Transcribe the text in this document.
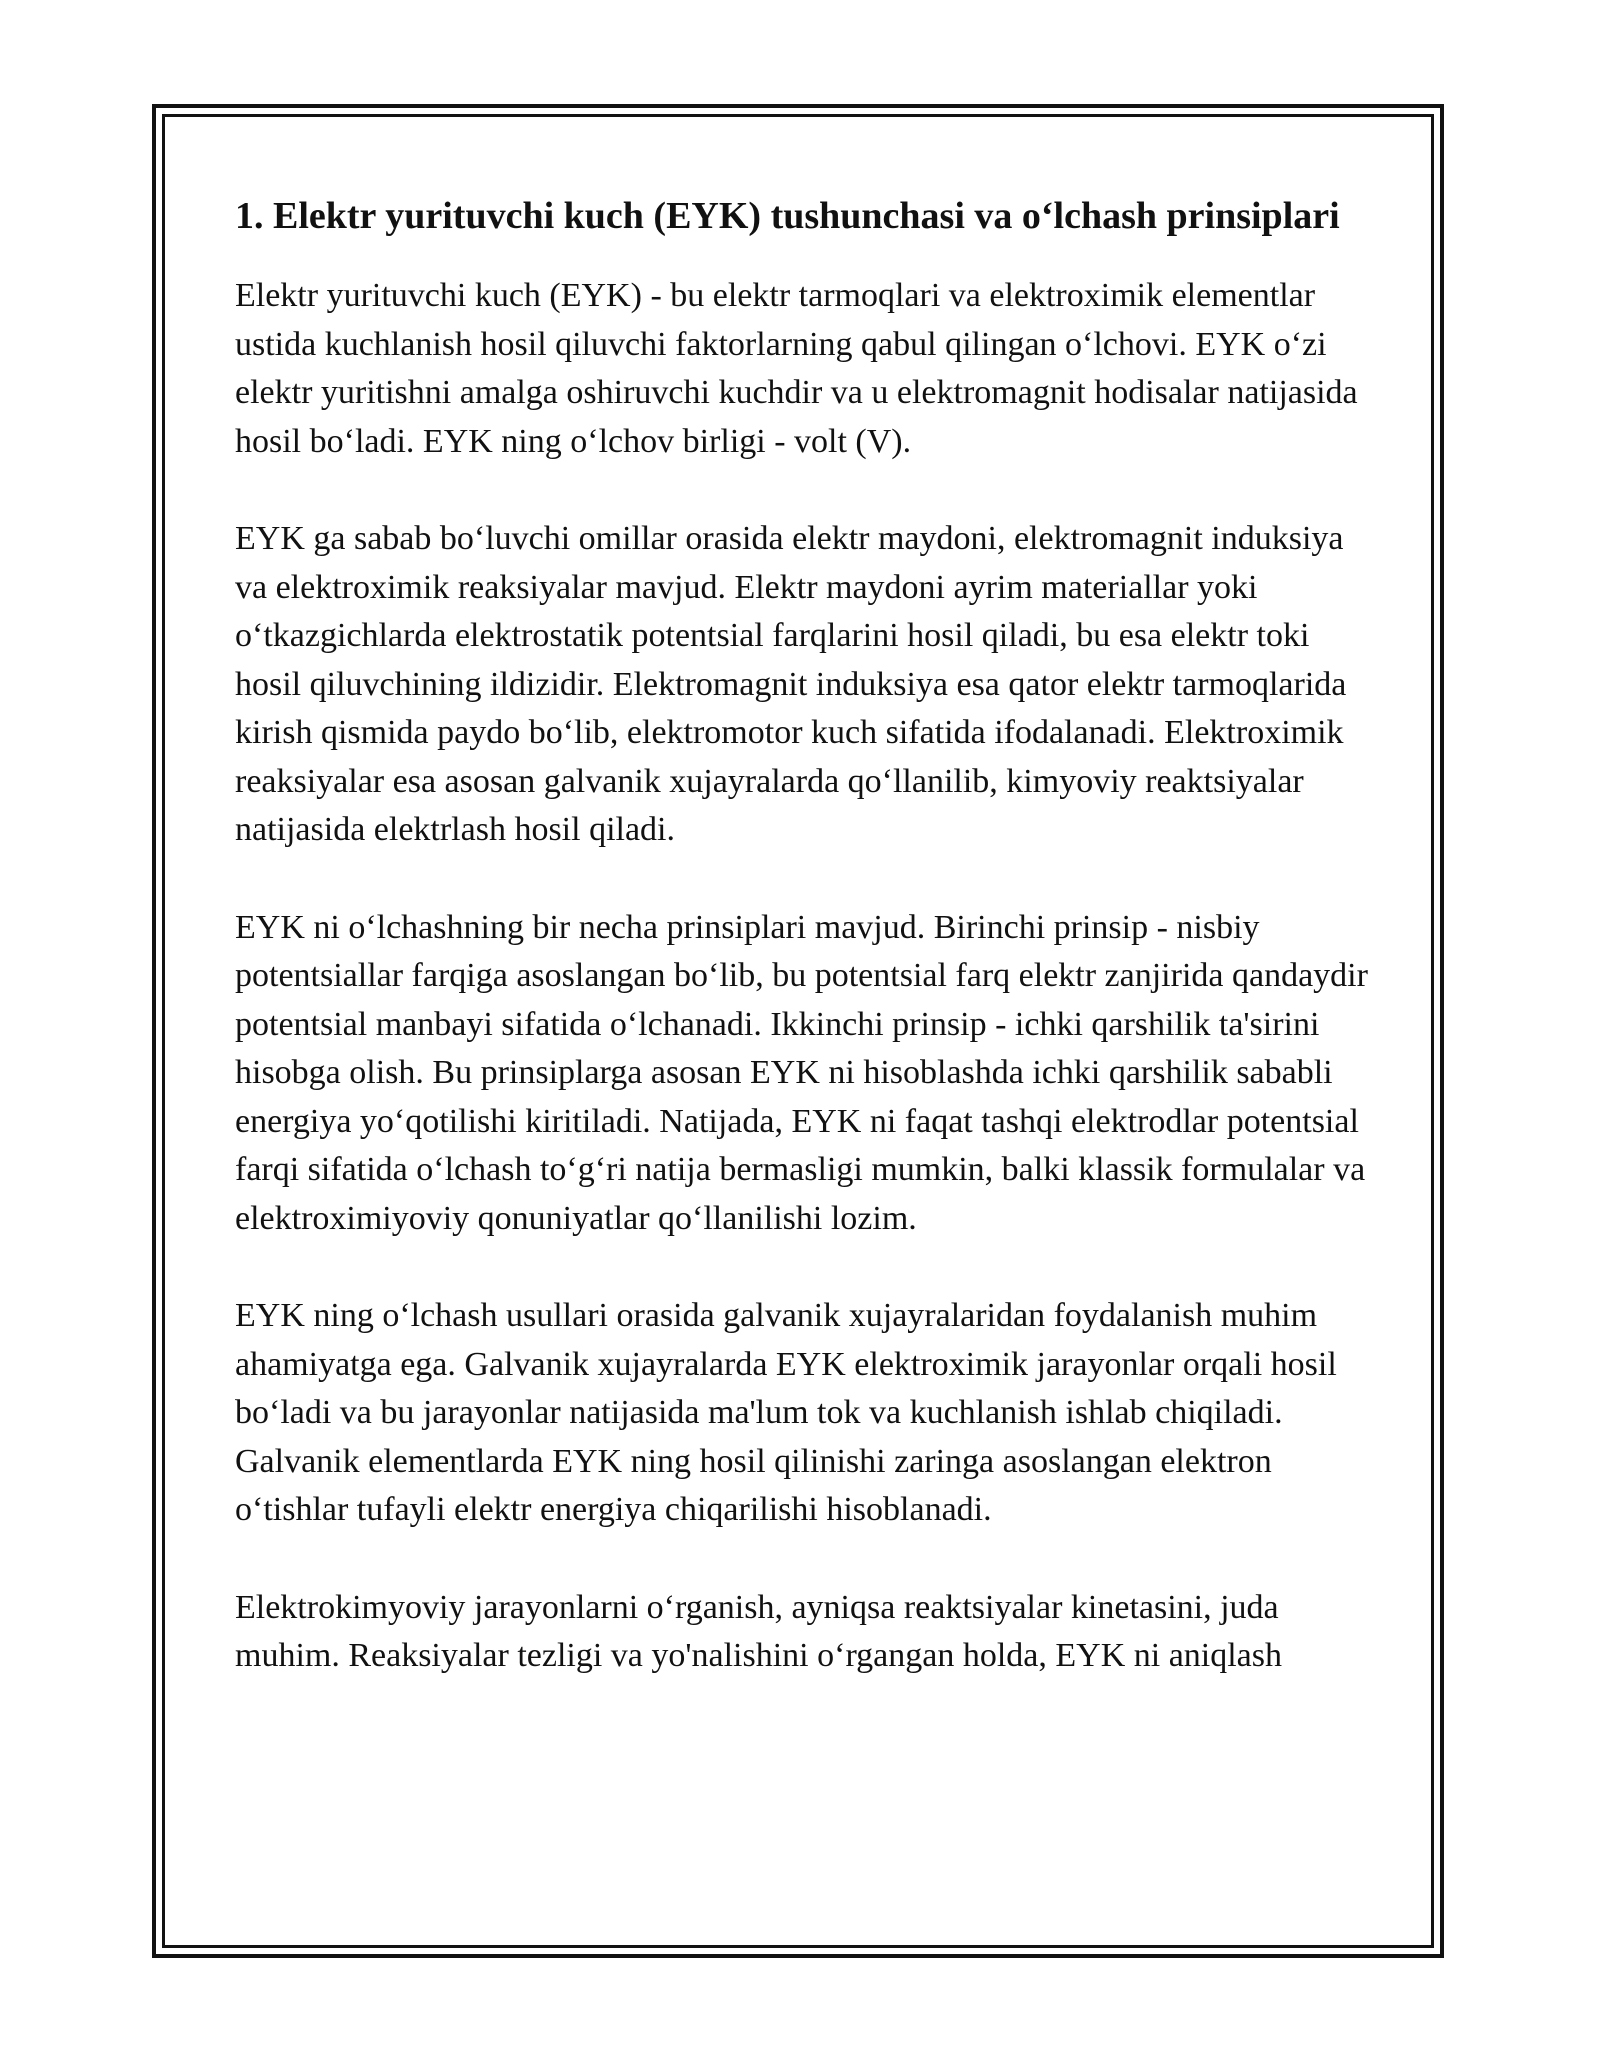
1. Elektr yurituvchi kuch (EYK) tushunchasi va o‘lchash prinsiplari

Elektr yurituvchi kuch (EYK) - bu elektr tarmoqlari va elektroximik elementlar ustida kuchlanish hosil qiluvchi faktorlarning qabul qilingan o‘lchovi. EYK o‘zi elektr yuritishni amalga oshiruvchi kuchdir va u elektromagnit hodisalar natijasida hosil bo‘ladi. EYK ning o‘lchov birligi - volt (V).

EYK ga sabab bo‘luvchi omillar orasida elektr maydoni, elektromagnit induksiya va elektroximik reaksiyalar mavjud. Elektr maydoni ayrim materiallar yoki o‘tkazgichlarda elektrostatik potentsial farqlarini hosil qiladi, bu esa elektr toki hosil qiluvchining ildizidir. Elektromagnit induksiya esa qator elektr tarmoqlarida kirish qismida paydo bo‘lib, elektromotor kuch sifatida ifodalanadi. Elektroximik reaksiyalar esa asosan galvanik xujayralarda qo‘llanilib, kimyoviy reaktsiyalar natijasida elektrlash hosil qiladi.

EYK ni o‘lchashning bir necha prinsiplari mavjud. Birinchi prinsip - nisbiy potentsiallar farqiga asoslangan bo‘lib, bu potentsial farq elektr zanjirida qandaydir potentsial manbayi sifatida o‘lchanadi. Ikkinchi prinsip - ichki qarshilik ta'sirini hisobga olish. Bu prinsiplarga asosan EYK ni hisoblashda ichki qarshilik sababli energiya yo‘qotilishi kiritiladi. Natijada, EYK ni faqat tashqi elektrodlar potentsial farqi sifatida o‘lchash to‘g‘ri natija bermasligi mumkin, balki klassik formulalar va elektroximiyoviy qonuniyatlar qo‘llanilishi lozim.

EYK ning o‘lchash usullari orasida galvanik xujayralaridan foydalanish muhim ahamiyatga ega. Galvanik xujayralarda EYK elektroximik jarayonlar orqali hosil bo‘ladi va bu jarayonlar natijasida ma'lum tok va kuchlanish ishlab chiqiladi. Galvanik elementlarda EYK ning hosil qilinishi zaringa asoslangan elektron o‘tishlar tufayli elektr energiya chiqarilishi hisoblanadi.

Elektrokimyoviy jarayonlarni o‘rganish, ayniqsa reaktsiyalar kinetasini, juda muhim. Reaksiyalar tezligi va yo'nalishini o‘rgangan holda, EYK ni aniqlash
